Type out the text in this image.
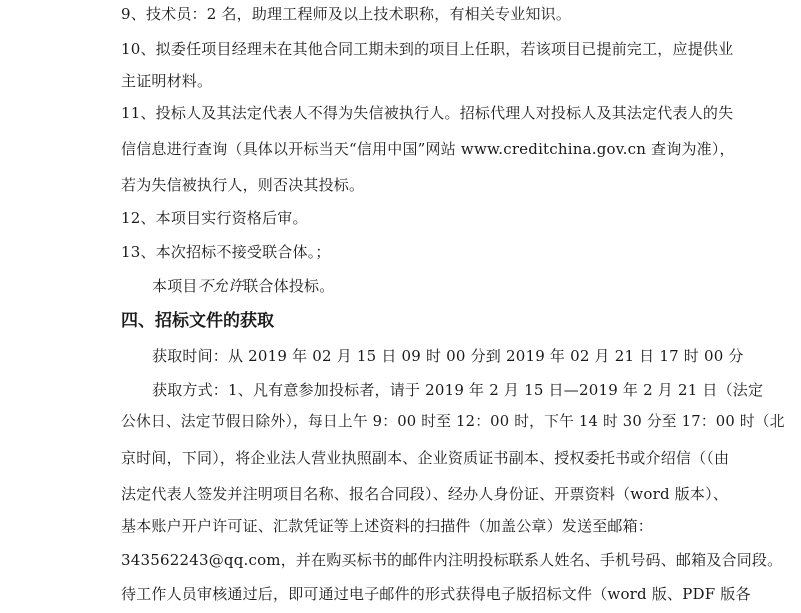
9、技术员：2 名，助理工程师及以上技术职称，有相关专业知识。
10、拟委任项目经理未在其他合同工期未到的项目上任职，若该项目已提前完工，应提供业
主证明材料。
11、投标人及其法定代表人不得为失信被执行人。招标代理人对投标人及其法定代表人的失
信信息进行查询（具体以开标当天“信用中国”网站 www.creditchina.gov.cn 查询为准），
若为失信被执行人，则否决其投标。
12、本项目实行资格后审。
13、本次招标不接受联合体。；
本项目不允许联合体投标。
四、招标文件的获取
获取时间：从 2019 年 02 月 15 日 09 时 00 分到 2019 年 02 月 21 日 17 时 00 分
获取方式：1、凡有意参加投标者，请于 2019 年 2 月 15 日—2019 年 2 月 21 日（法定
公休日、法定节假日除外），每日上午 9：00 时至 12：00 时，下午 14 时 30 分至 17：00 时（北
京时间，下同），将企业法人营业执照副本、企业资质证书副本、授权委托书或介绍信（（由
法定代表人签发并注明项目名称、报名合同段）、经办人身份证、开票资料（word 版本）、
基本账户开户许可证、汇款凭证等上述资料的扫描件（加盖公章）发送至邮箱：
343562243@qq.com，并在购买标书的邮件内注明投标联系人姓名、手机号码、邮箱及合同段。
待工作人员审核通过后，即可通过电子邮件的形式获得电子版招标文件（word 版、PDF 版各
